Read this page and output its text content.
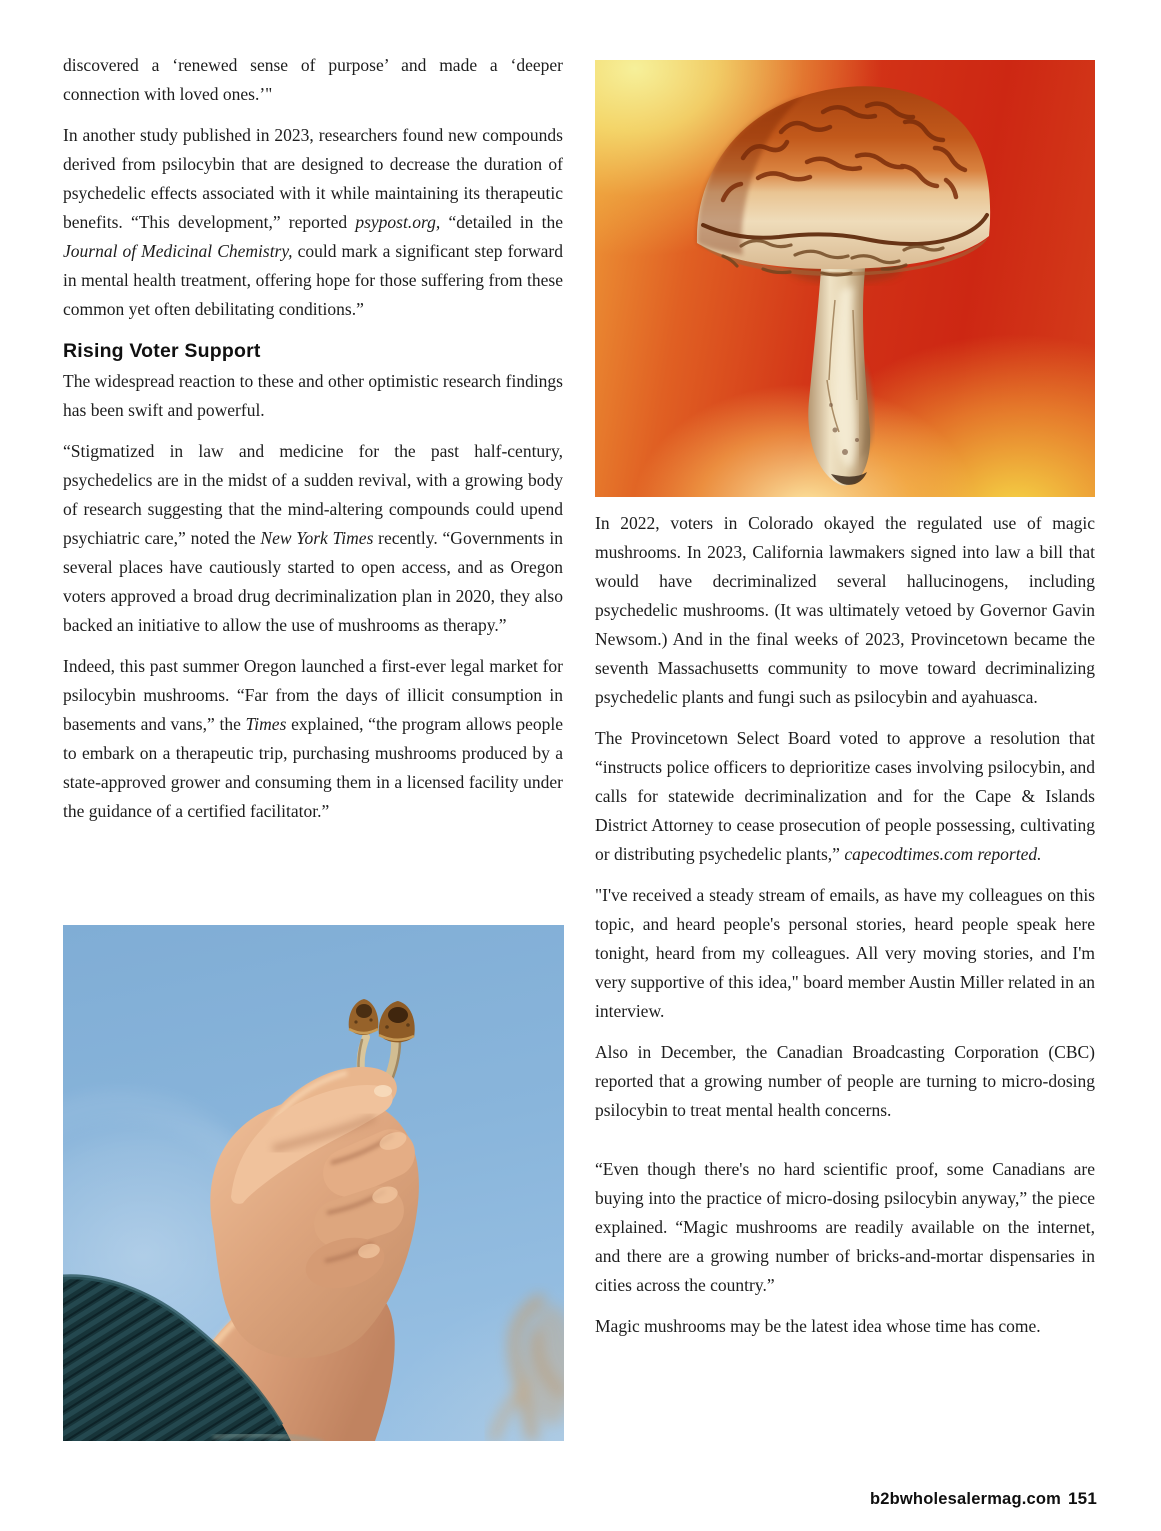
discovered a ‘renewed sense of purpose’ and made a ‘deeper connection with loved ones.’"

In another study published in 2023, researchers found new compounds derived from psilocybin that are designed to decrease the duration of psychedelic effects associated with it while maintaining its therapeutic benefits. “This development,” reported psypost.org, “detailed in the Journal of Medicinal Chemistry, could mark a significant step forward in mental health treatment, offering hope for those suffering from these common yet often debilitating conditions.”

Rising Voter Support

The widespread reaction to these and other optimistic research findings has been swift and powerful.

“Stigmatized in law and medicine for the past half-century, psychedelics are in the midst of a sudden revival, with a growing body of research suggesting that the mind-altering compounds could upend psychiatric care,” noted the New York Times recently. “Governments in several places have cautiously started to open access, and as Oregon voters approved a broad drug decriminalization plan in 2020, they also backed an initiative to allow the use of mushrooms as therapy.”

Indeed, this past summer Oregon launched a first-ever legal market for psilocybin mushrooms. “Far from the days of illicit consumption in basements and vans,” the Times explained, “the program allows people to embark on a therapeutic trip, purchasing mushrooms produced by a state-approved grower and consuming them in a licensed facility under the guidance of a certified facilitator.”

In 2022, voters in Colorado okayed the regulated use of magic mushrooms. In 2023, California lawmakers signed into law a bill that would have decriminalized several hallucinogens, including psychedelic mushrooms. (It was ultimately vetoed by Governor Gavin Newsom.) And in the final weeks of 2023, Provincetown became the seventh Massachusetts community to move toward decriminalizing psychedelic plants and fungi such as psilocybin and ayahuasca.

The Provincetown Select Board voted to approve a resolution that “instructs police officers to deprioritize cases involving psilocybin, and calls for statewide decriminalization and for the Cape & Islands District Attorney to cease prosecution of people possessing, cultivating or distributing psychedelic plants,” capecodtimes.com reported.

"I've received a steady stream of emails, as have my colleagues on this topic, and heard people's personal stories, heard people speak here tonight, heard from my colleagues. All very moving stories, and I'm very supportive of this idea," board member Austin Miller related in an interview.

Also in December, the Canadian Broadcasting Corporation (CBC) reported that a growing number of people are turning to micro-dosing psilocybin to treat mental health concerns.

“Even though there's no hard scientific proof, some Canadians are buying into the practice of micro-dosing psilocybin anyway,” the piece explained. “Magic mushrooms are readily available on the internet, and there are a growing number of bricks-and-mortar dispensaries in cities across the country.”

Magic mushrooms may be the latest idea whose time has come.

b2bwholesalermag.com 151
